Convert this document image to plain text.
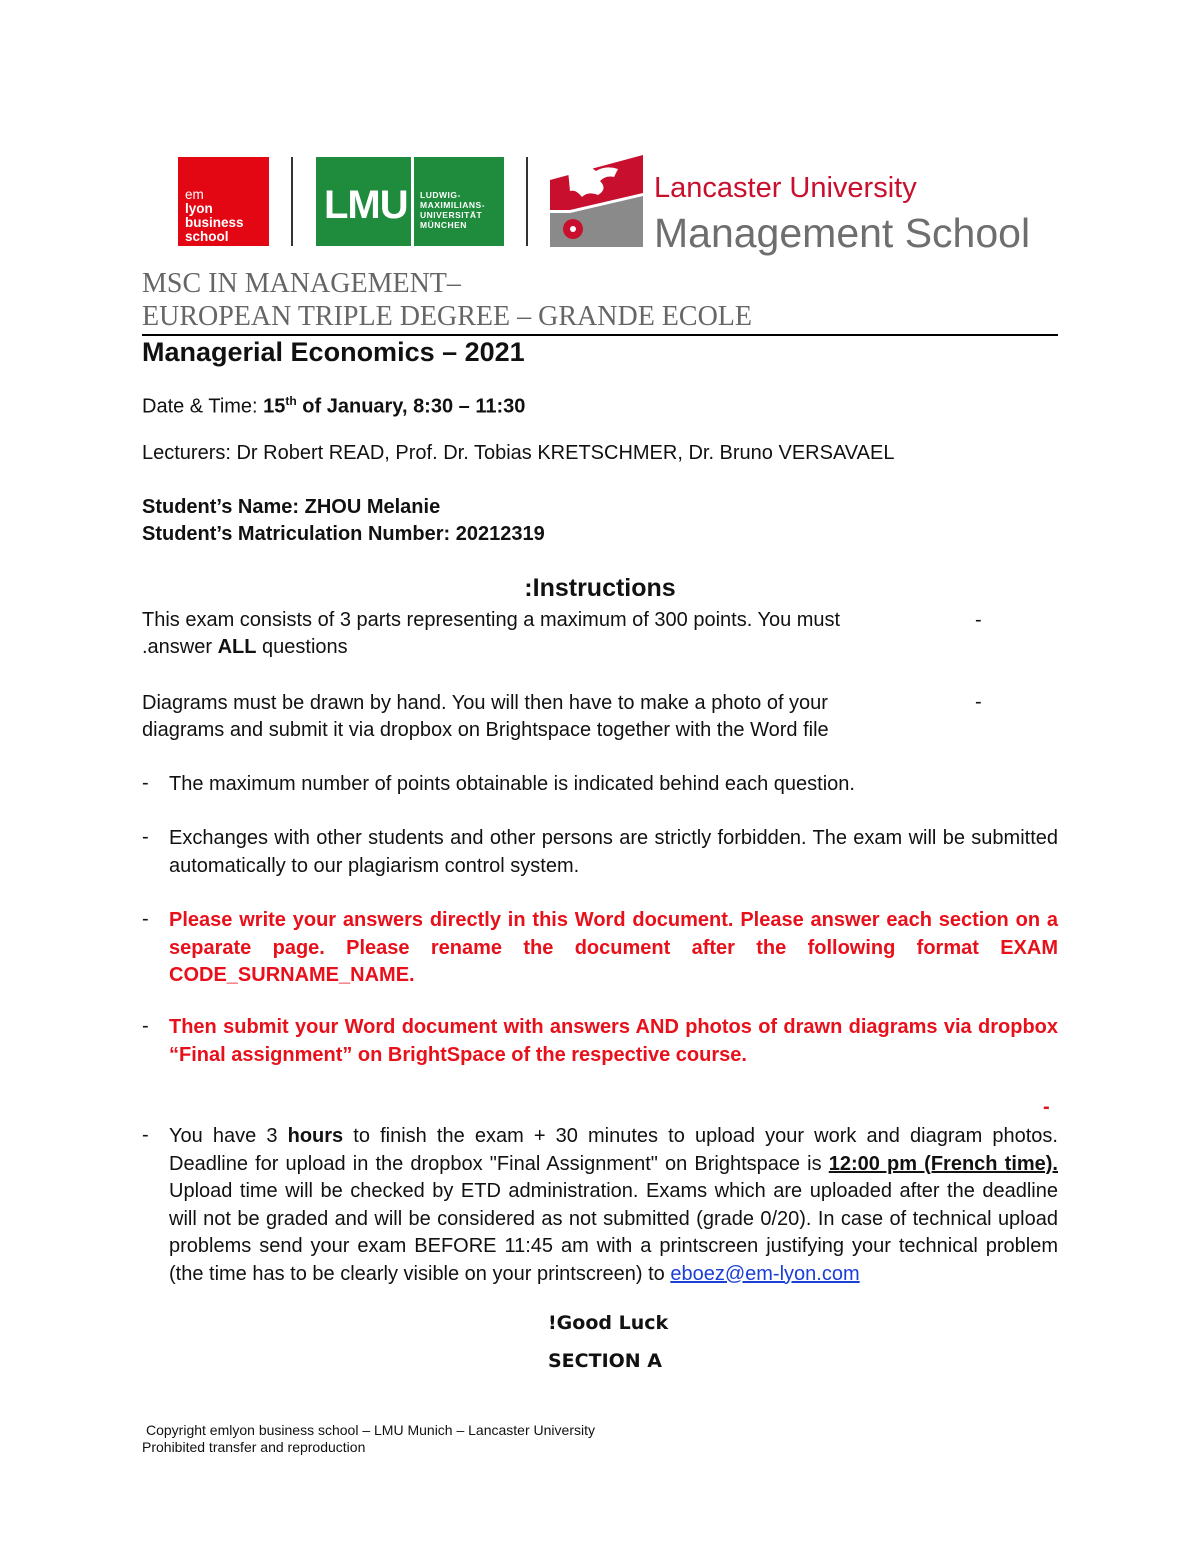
em
lyon
business
school
LMU LUDWIG-
MAXIMILIANS-
UNIVERSITÄT
MÜNCHEN
Lancaster University
Management School
MSC IN MANAGEMENT–
EUROPEAN TRIPLE DEGREE – GRANDE ECOLE
Managerial Economics – 2021
Date & Time: 15th of January, 8:30 – 11:30
Lecturers: Dr Robert READ, Prof. Dr. Tobias KRETSCHMER, Dr. Bruno VERSAVAEL
Student’s Name: ZHOU Melanie
Student’s Matriculation Number: 20212319
:Instructions
This exam consists of 3 parts representing a maximum of 300 points. You must
.answer ALL questions
-
Diagrams must be drawn by hand. You will then have to make a photo of your
diagrams and submit it via dropbox on Brightspace together with the Word file
-
- The maximum number of points obtainable is indicated behind each question.
- Exchanges with other students and other persons are strictly forbidden. The exam will be submitted automatically to our plagiarism control system.
- Please write your answers directly in this Word document. Please answer each section on a separate page. Please rename the document after the following format EXAM CODE_SURNAME_NAME.
- Then submit your Word document with answers AND photos of drawn diagrams via dropbox “Final assignment” on BrightSpace of the respective course.
-
- You have 3 hours to finish the exam + 30 minutes to upload your work and diagram photos. Deadline for upload in the dropbox "Final Assignment" on Brightspace is 12:00 pm (French time). Upload time will be checked by ETD administration. Exams which are uploaded after the deadline will not be graded and will be considered as not submitted (grade 0/20). In case of technical upload problems send your exam BEFORE 11:45 am with a printscreen justifying your technical problem (the time has to be clearly visible on your printscreen) to eboez@em-lyon.com
!Good Luck
SECTION A
Copyright emlyon business school – LMU Munich – Lancaster University
Prohibited transfer and reproduction
